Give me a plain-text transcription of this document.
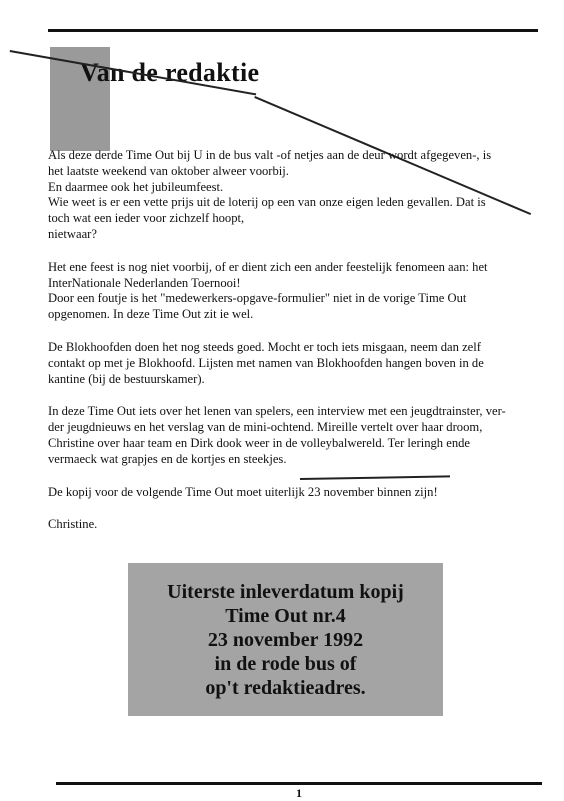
Van de redaktie
Als deze derde Time Out bij U in de bus valt -of netjes aan de deur wordt afgegeven-, is
het laatste weekend van oktober alweer voorbij.
En daarmee ook het jubileumfeest.
Wie weet is er een vette prijs uit de loterij op een van onze eigen leden gevallen. Dat is
toch wat een ieder voor zichzelf hoopt,
nietwaar?
Het ene feest is nog niet voorbij, of er dient zich een ander feestelijk fenomeen aan: het
InterNationale Nederlanden Toernooi!
Door een foutje is het "medewerkers-opgave-formulier" niet in de vorige Time Out
opgenomen. In deze Time Out zit ie wel.
De Blokhoofden doen het nog steeds goed. Mocht er toch iets misgaan, neem dan zelf
contakt op met je Blokhoofd. Lijsten met namen van Blokhoofden hangen boven in de
kantine (bij de bestuurskamer).
In deze Time Out iets over het lenen van spelers, een interview met een jeugdtrainster, ver-
der jeugdnieuws en het verslag van de mini-ochtend. Mireille vertelt over haar droom,
Christine over haar team en Dirk dook weer in de volleybalwereld. Ter leringh ende
vermaeck wat grapjes en de kortjes en steekjes.
De kopij voor de volgende Time Out moet uiterlijk 23 november binnen zijn!
Christine.
Uiterste inleverdatum kopij
Time Out nr.4
23 november 1992
in de rode bus of
op't redaktieadres.
1
